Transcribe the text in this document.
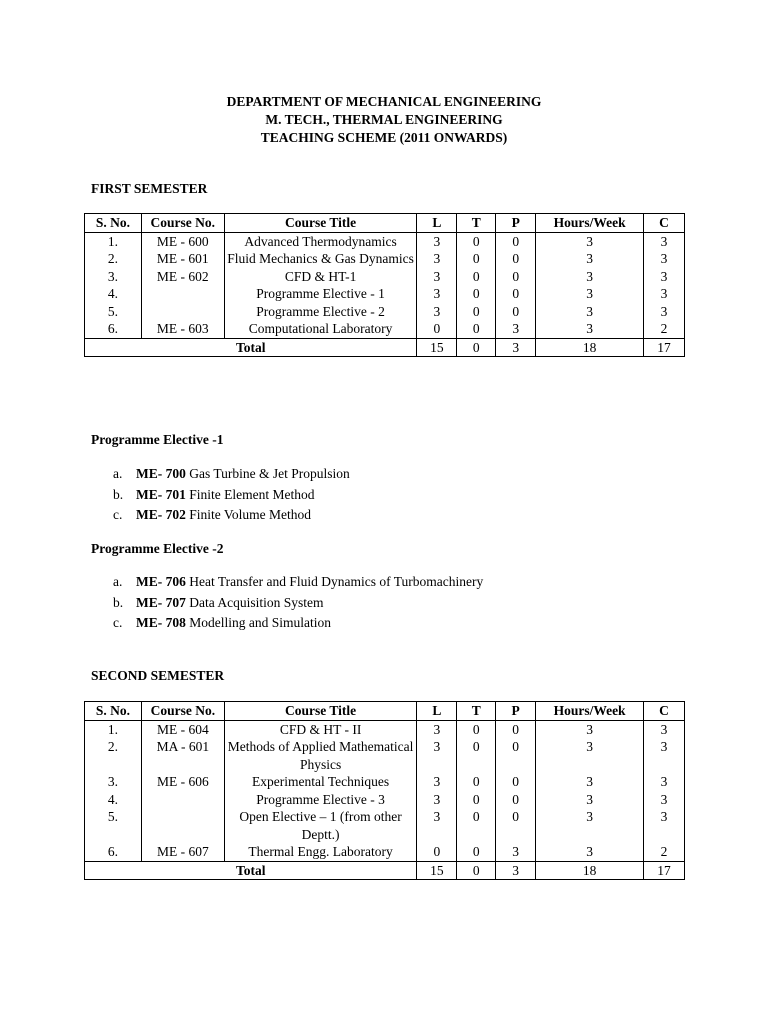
DEPARTMENT OF MECHANICAL ENGINEERING
M. TECH., THERMAL ENGINEERING
TEACHING SCHEME (2011 ONWARDS)
FIRST SEMESTER
S. No.	Course No.	Course Title	L	T	P	Hours/Week	C
1.	ME - 600	Advanced Thermodynamics	3	0	0	3	3
2.	ME - 601	Fluid Mechanics & Gas Dynamics	3	0	0	3	3
3.	ME - 602	CFD & HT-1	3	0	0	3	3
4.		Programme Elective - 1	3	0	0	3	3
5.		Programme Elective - 2	3	0	0	3	3
6.	ME - 603	Computational Laboratory	0	0	3	3	2
Total			15	0	3	18	17
Programme Elective -1
a. ME- 700 Gas Turbine & Jet Propulsion
b. ME- 701 Finite Element Method
c. ME- 702 Finite Volume Method
Programme Elective -2
a. ME- 706 Heat Transfer and Fluid Dynamics of Turbomachinery
b. ME- 707 Data Acquisition System
c. ME- 708 Modelling and Simulation
SECOND SEMESTER
S. No.	Course No.	Course Title	L	T	P	Hours/Week	C
1.	ME - 604	CFD & HT - II	3	0	0	3	3
2.	MA - 601	Methods of Applied Mathematical Physics	3	0	0	3	3
3.	ME - 606	Experimental Techniques	3	0	0	3	3
4.		Programme Elective - 3	3	0	0	3	3
5.		Open Elective – 1 (from other Deptt.)	3	0	0	3	3
6.	ME - 607	Thermal Engg. Laboratory	0	0	3	3	2
Total			15	0	3	18	17
